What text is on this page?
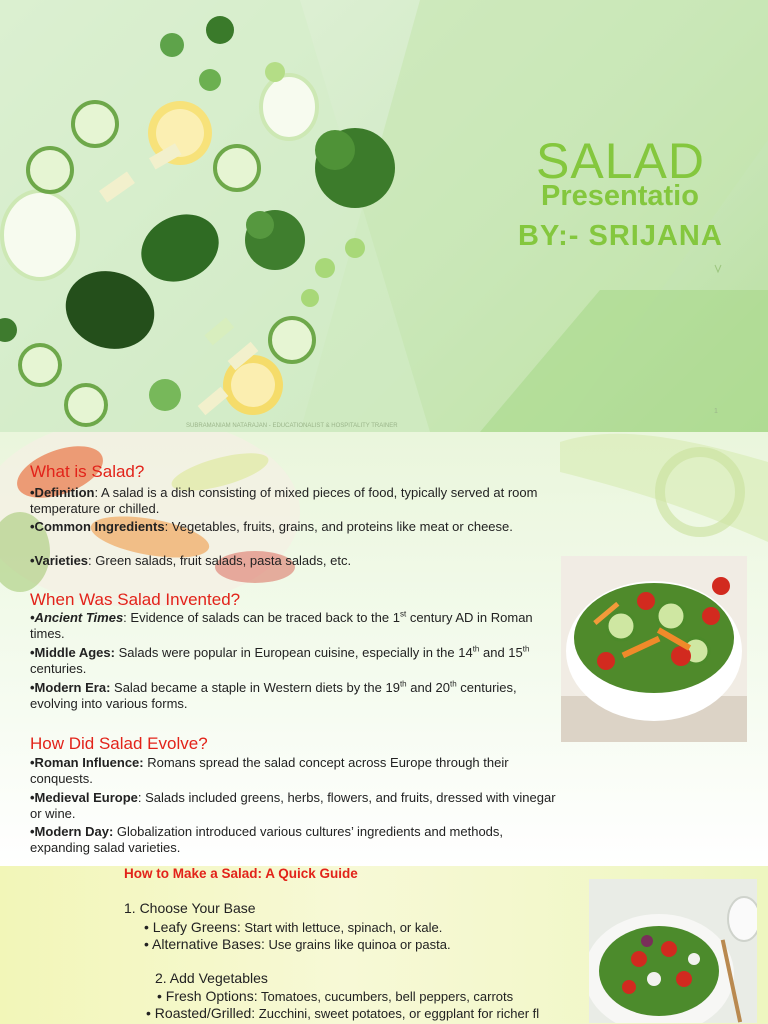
SALAD
Presentatio
BY:- SRIJANA
SUBRAMANIAM NATARAJAN - EDUCATIONALIST & HOSPITALITY TRAINER
1
What is Salad?
•Definition: A salad is a dish consisting of mixed pieces of food, typically served at room temperature or chilled.
•Common Ingredients: Vegetables, fruits, grains, and proteins like meat or cheese.
•Varieties: Green salads, fruit salads, pasta salads, etc.
When Was Salad Invented?
•Ancient Times: Evidence of salads can be traced back to the 1st century AD in Roman times.
•Middle Ages: Salads were popular in European cuisine, especially in the 14th and 15th centuries.
•Modern Era: Salad became a staple in Western diets by the 19th and 20th centuries, evolving into various forms.
How Did Salad Evolve?
•Roman Influence: Romans spread the salad concept across Europe through their conquests.
•Medieval Europe: Salads included greens, herbs, flowers, and fruits, dressed with vinegar or wine.
•Modern Day: Globalization introduced various cultures’ ingredients and methods, expanding salad varieties.
How to Make a Salad: A Quick Guide
1. Choose Your Base
• Leafy Greens: Start with lettuce, spinach, or kale.
• Alternative Bases: Use grains like quinoa or pasta.
2. Add Vegetables
• Fresh Options: Tomatoes, cucumbers, bell peppers, carrots
• Roasted/Grilled: Zucchini, sweet potatoes, or eggplant for richer fl
